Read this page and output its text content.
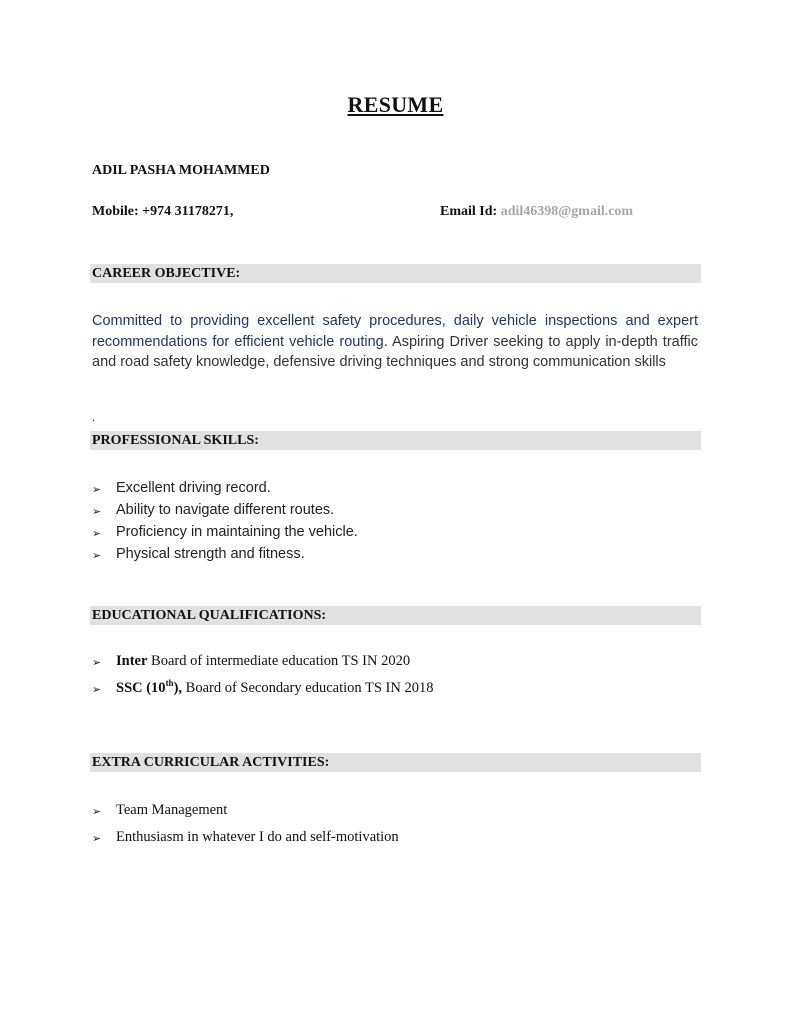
RESUME
ADIL PASHA MOHAMMED
Mobile: +974 31178271,	Email Id: adil46398@gmail.com
CAREER OBJECTIVE:
Committed to providing excellent safety procedures, daily vehicle inspections and expert recommendations for efficient vehicle routing. Aspiring Driver seeking to apply in-depth traffic and road safety knowledge, defensive driving techniques and strong communication skills
.
PROFESSIONAL SKILLS:
➢ Excellent driving record.
➢ Ability to navigate different routes.
➢ Proficiency in maintaining the vehicle.
➢ Physical strength and fitness.
EDUCATIONAL QUALIFICATIONS:
➢ Inter Board of intermediate education TS IN 2020
➢ SSC (10th), Board of Secondary education TS IN 2018
EXTRA CURRICULAR ACTIVITIES:
➢ Team Management
➢ Enthusiasm in whatever I do and self-motivation
